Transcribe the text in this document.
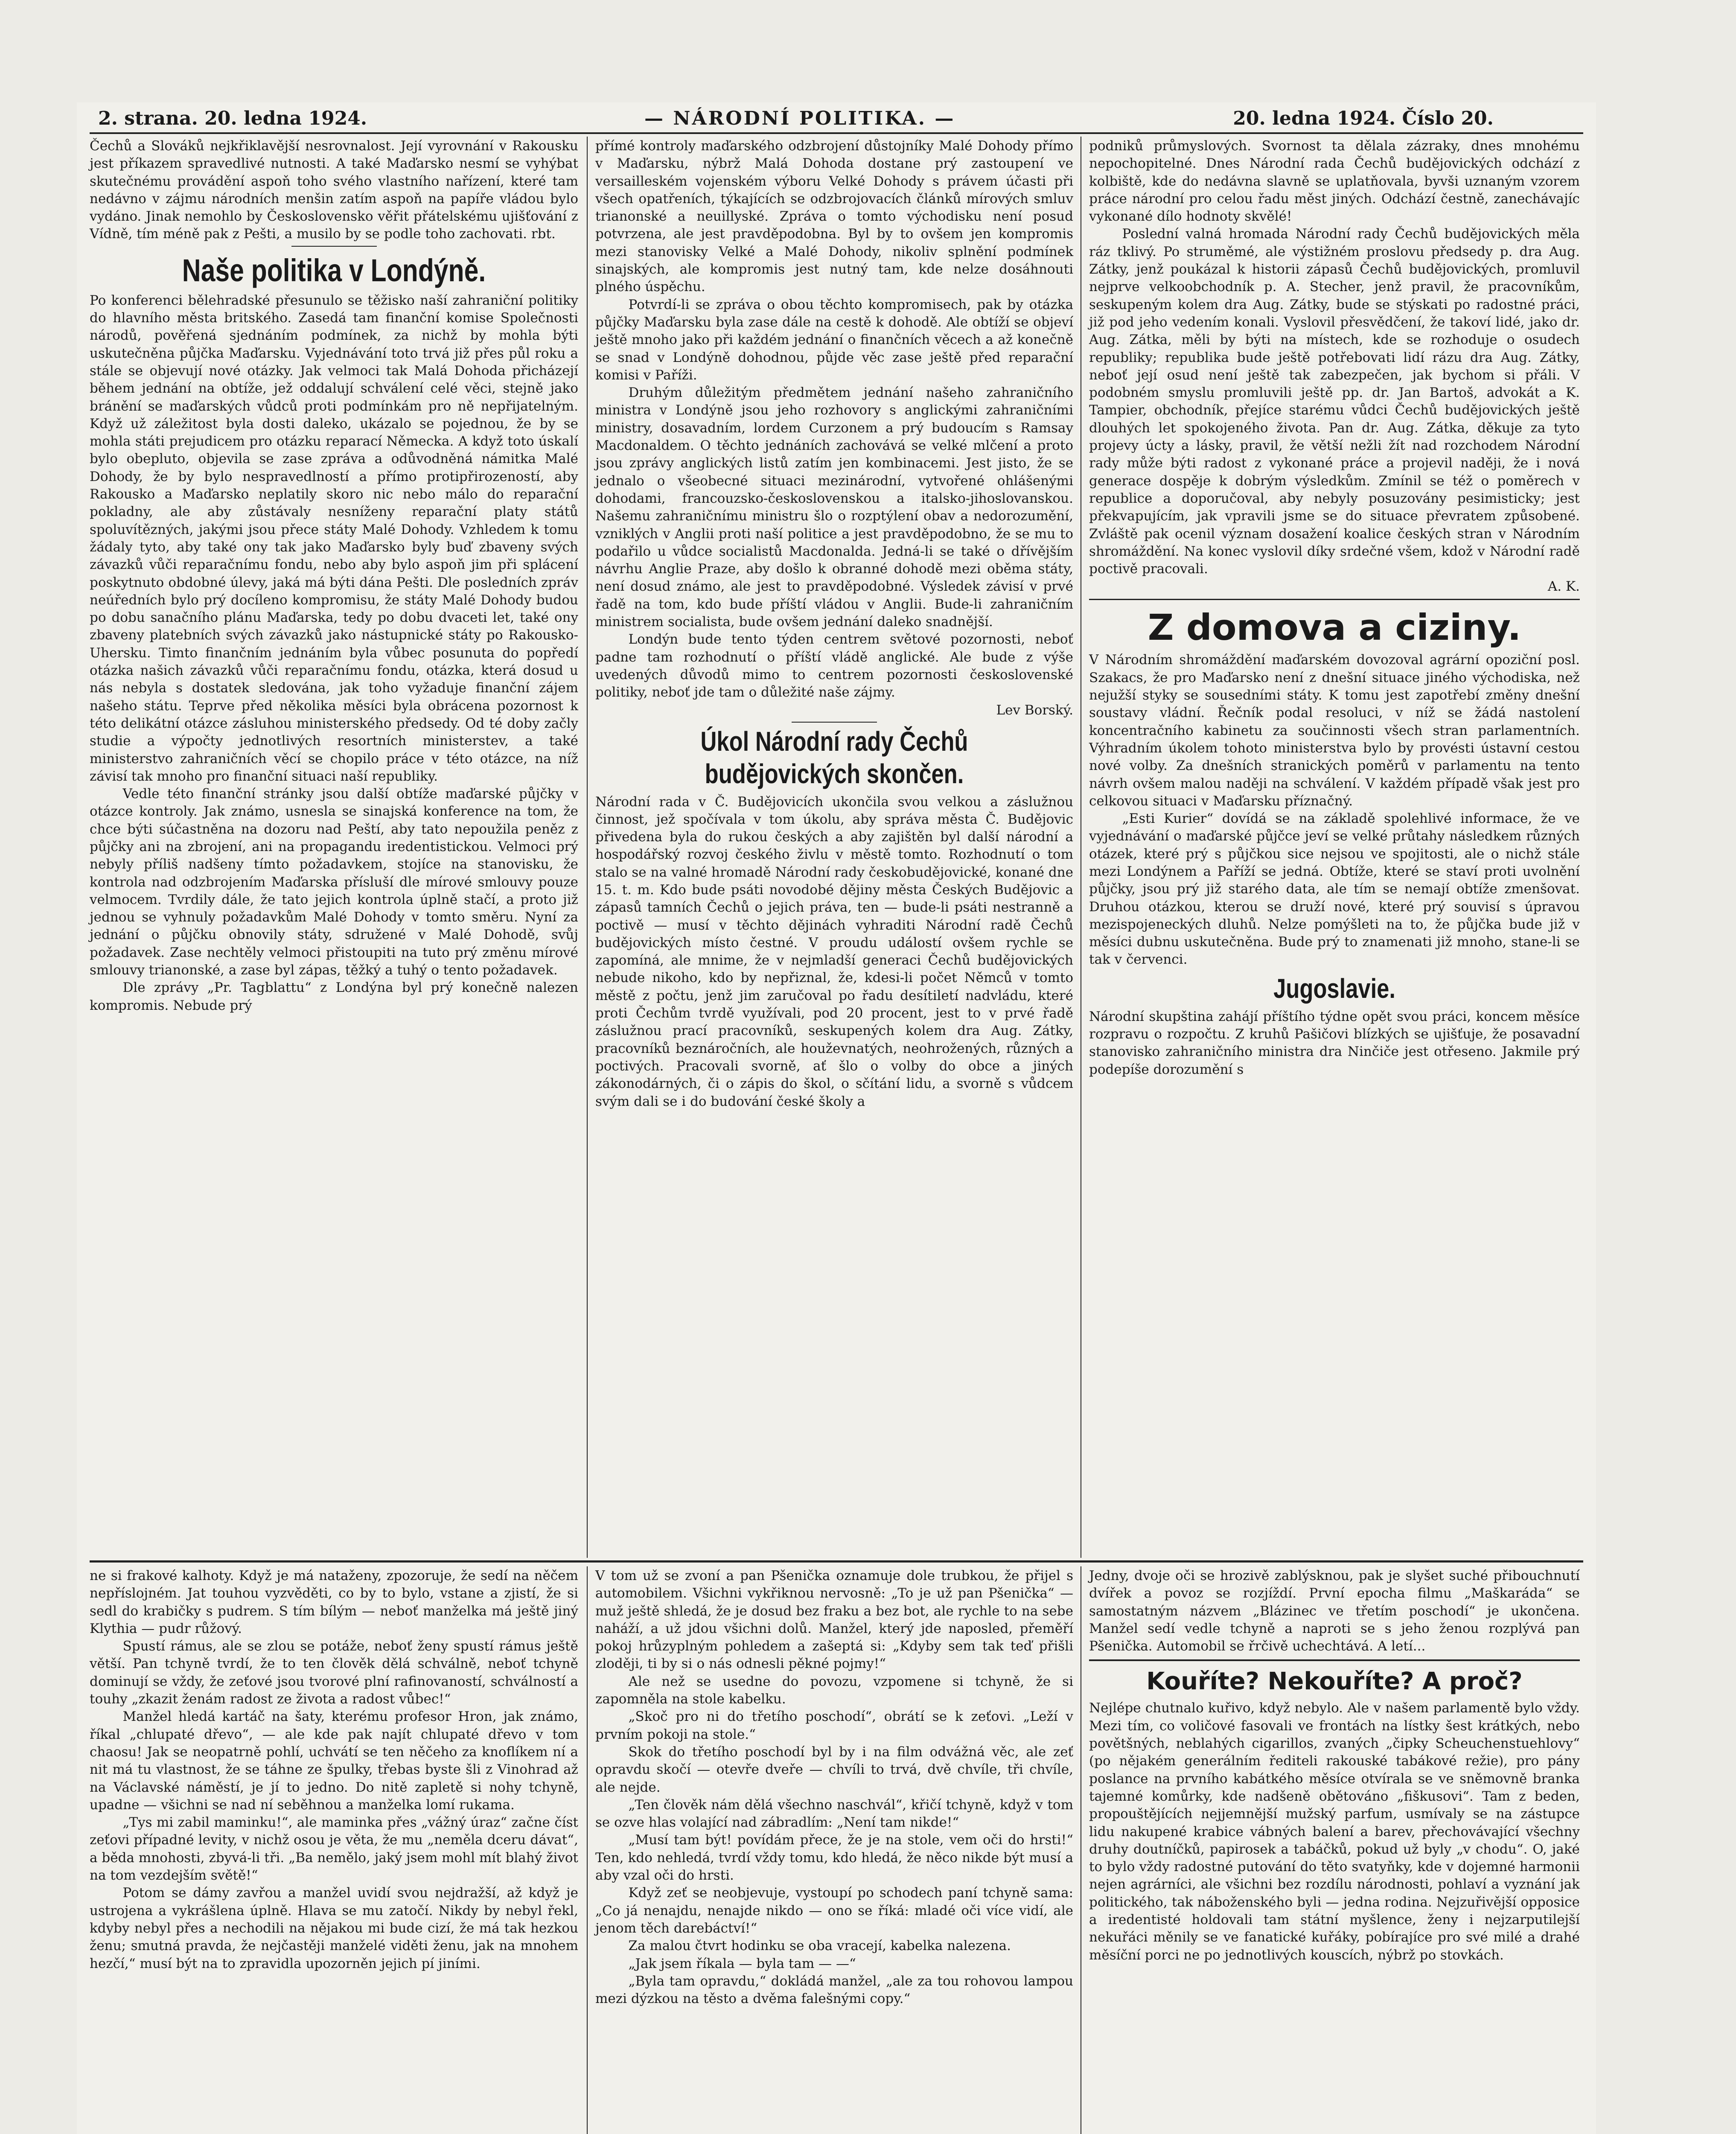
2. strana. 20. ledna 1924.	— NÁRODNÍ POLITIKA. —	20. ledna 1924. Číslo 20.

Čechů a Slováků nejkřiklavější nesrovnalost. Její vyrovnání v Rakousku jest příkazem spravedlivé nutnosti. A také Maďarsko nesmí se vyhýbat skutečnému provádění aspoň toho svého vlastního nařízení, které tam nedávno v zájmu národních menšin zatím aspoň na papíře vládou bylo vydáno. Jinak nemohlo by Československo věřit přátelskému ujišťování z Vídně, tím méně pak z Pešti, a musilo by se podle toho zachovati. rbt.

Naše politika v Londýně.

Po konferenci bělehradské přesunulo se těžisko naší zahraniční politiky do hlavního města britského. Zasedá tam finanční komise Společnosti národů, pověřená sjednáním podmínek, za nichž by mohla býti uskutečněna půjčka Maďarsku. Vyjednávání toto trvá již přes půl roku a stále se objevují nové otázky. Jak velmoci tak Malá Dohoda přicházejí během jednání na obtíže, jež oddalují schválení celé věci, stejně jako bránění se maďarských vůdců proti podmínkám pro ně nepřijatelným. Když už záležitost byla dosti daleko, ukázalo se pojednou, že by se mohla státi prejudicem pro otázku reparací Německa. A když toto úskalí bylo obepluto, objevila se zase zpráva a odůvodněná námitka Malé Dohody, že by bylo nespravedlností a přímo protipřirozeností, aby Rakousko a Maďarsko neplatily skoro nic nebo málo do reparační pokladny, ale aby zůstávaly nesníženy reparační platy států spoluvítězných, jakými jsou přece státy Malé Dohody. Vzhledem k tomu žádaly tyto, aby také ony tak jako Maďarsko byly buď zbaveny svých závazků vůči reparačnímu fondu, nebo aby bylo aspoň jim při splácení poskytnuto obdobné úlevy, jaká má býti dána Pešti. Dle posledních zpráv neúředních bylo prý docíleno kompromisu, že státy Malé Dohody budou po dobu sanačního plánu Maďarska, tedy po dobu dvaceti let, také ony zbaveny platebních svých závazků jako nástupnické státy po Rakousko-Uhersku. Timto finančním jednáním byla vůbec posunuta do popředí otázka našich závazků vůči reparačnímu fondu, otázka, která dosud u nás nebyla s dostatek sledována, jak toho vyžaduje finanční zájem našeho státu. Teprve před několika měsíci byla obrácena pozornost k této delikátní otázce zásluhou ministerského předsedy. Od té doby začly studie a výpočty jednotlivých resortních ministerstev, a také ministerstvo zahraničních věcí se chopilo práce v této otázce, na níž závisí tak mnoho pro finanční situaci naší republiky.

Vedle této finanční stránky jsou další obtíže maďarské půjčky v otázce kontroly. Jak známo, usnesla se sinajská konference na tom, že chce býti súčastněna na dozoru nad Peští, aby tato nepoužila peněz z půjčky ani na zbrojení, ani na propagandu iredentistickou. Velmoci prý nebyly příliš nadšeny tímto požadavkem, stojíce na stanovisku, že kontrola nad odzbrojením Maďarska přísluší dle mírové smlouvy pouze velmocem. Tvrdily dále, že tato jejich kontrola úplně stačí, a proto již jednou se vyhnuly požadavkům Malé Dohody v tomto směru. Nyní za jednání o půjčku obnovily státy, sdružené v Malé Dohodě, svůj požadavek. Zase nechtěly velmoci přistoupiti na tuto prý změnu mírové smlouvy trianonské, a zase byl zápas, těžký a tuhý o tento požadavek.

Dle zprávy „Pr. Tagblattu“ z Londýna byl prý konečně nalezen kompromis. Nebude prý

přímé kontroly maďarského odzbrojení důstojníky Malé Dohody přímo v Maďarsku, nýbrž Malá Dohoda dostane prý zastoupení ve versailleském vojenském výboru Velké Dohody s právem účasti při všech opatřeních, týkajících se odzbrojovacích článků mírových smluv trianonské a neuillyské. Zpráva o tomto východisku není posud potvrzena, ale jest pravděpodobna. Byl by to ovšem jen kompromis mezi stanovisky Velké a Malé Dohody, nikoliv splnění podmínek sinajských, ale kompromis jest nutný tam, kde nelze dosáhnouti plného úspěchu.

Potvrdí-li se zpráva o obou těchto kompromisech, pak by otázka půjčky Maďarsku byla zase dále na cestě k dohodě. Ale obtíží se objeví ještě mnoho jako při každém jednání o finančních věcech a až konečně se snad v Londýně dohodnou, půjde věc zase ještě před reparační komisi v Paříži.

Druhým důležitým předmětem jednání našeho zahraničního ministra v Londýně jsou jeho rozhovory s anglickými zahraničními ministry, dosavadním, lordem Curzonem a prý budoucím s Ramsay Macdonaldem. O těchto jednáních zachovává se velké mlčení a proto jsou zprávy anglických listů zatím jen kombinacemi. Jest jisto, že se jednalo o všeobecné situaci mezinárodní, vytvořené ohlášenými dohodami, francouzsko-československou a italsko-jihoslovanskou. Našemu zahraničnímu ministru šlo o rozptýlení obav a nedorozumění, vzniklých v Anglii proti naší politice a jest pravděpodobno, že se mu to podařilo u vůdce socialistů Macdonalda. Jedná-li se také o dřívějším návrhu Anglie Praze, aby došlo k obranné dohodě mezi oběma státy, není dosud známo, ale jest to pravděpodobné. Výsledek závisí v prvé řadě na tom, kdo bude příští vládou v Anglii. Bude-li zahraničním ministrem socialista, bude ovšem jednání daleko snadnější.

Londýn bude tento týden centrem světové pozornosti, neboť padne tam rozhodnutí o příští vládě anglické. Ale bude z výše uvedených důvodů mimo to centrem pozornosti československé politiky, neboť jde tam o důležité naše zájmy.

Lev Borský.
Úkol Národní rady Čechů budějovických skončen.

Národní rada v Č. Budějovicích ukončila svou velkou a záslužnou činnost, jež spočívala v tom úkolu, aby správa města Č. Budějovic přivedena byla do rukou českých a aby zajištěn byl další národní a hospodářský rozvoj českého živlu v městě tomto. Rozhodnutí o tom stalo se na valné hromadě Národní rady českobudějovické, konané dne 15. t. m. Kdo bude psáti novodobé dějiny města Českých Budějovic a zápasů tamních Čechů o jejich práva, ten — bude-li psáti nestranně a poctivě — musí v těchto dějinách vyhraditi Národní radě Čechů budějovických místo čestné. V proudu událostí ovšem rychle se zapomíná, ale mnime, že v nejmladší generaci Čechů budějovických nebude nikoho, kdo by nepřiznal, že, kdesi-li počet Němců v tomto městě z počtu, jenž jim zaručoval po řadu desítiletí nadvládu, které proti Čechům tvrdě využívali, pod 20 procent, jest to v prvé řadě záslužnou prací pracovníků, seskupených kolem dra Aug. Zátky, pracovníků beznáročních, ale houževnatých, neohrožených, různých a poctivých. Pracovali svorně, ať šlo o volby do obce a jiných zákonodárných, či o zápis do škol, o sčítání lidu, a svorně s vůdcem svým dali se i do budování české školy a

podniků průmyslových. Svornost ta dělala zázraky, dnes mnohému nepochopitelné. Dnes Národní rada Čechů budějovických odchází z kolbiště, kde do nedávna slavně se uplatňovala, byvši uznaným vzorem práce národní pro celou řadu měst jiných. Odchází čestně, zanechávajíc vykonané dílo hodnoty skvělé!

Poslední valná hromada Národní rady Čechů budějovických měla ráz tklivý. Po struměmé, ale výstižném proslovu předsedy p. dra Aug. Zátky, jenž poukázal k historii zápasů Čechů budějovických, promluvil nejprve velkoobchodník p. A. Stecher, jenž pravil, že pracovníkům, seskupeným kolem dra Aug. Zátky, bude se stýskati po radostné práci, již pod jeho vedením konali. Vyslovil přesvědčení, že takoví lidé, jako dr. Aug. Zátka, měli by býti na místech, kde se rozhoduje o osudech republiky; republika bude ještě potřebovati lidí rázu dra Aug. Zátky, neboť její osud není ještě tak zabezpečen, jak bychom si přáli. V podobném smyslu promluvili ještě pp. dr. Jan Bartoš, advokát a K. Tampier, obchodník, přejíce starému vůdci Čechů budějovických ještě dlouhých let spokojeného života. Pan dr. Aug. Zátka, děkuje za tyto projevy úcty a lásky, pravil, že větší nežli žít nad rozchodem Národní rady může býti radost z vykonané práce a projevil naději, že i nová generace dospěje k dobrým výsledkům. Zmínil se též o poměrech v republice a doporučoval, aby nebyly posuzovány pesimisticky; jest překvapujícím, jak vpravili jsme se do situace převratem způsobené. Zvláště pak ocenil význam dosažení koalice českých stran v Národním shromáždění. Na konec vyslovil díky srdečné všem, kdož v Národní radě poctivě pracovali.

A. K.
Z domova a ciziny.

V Národním shromáždění maďarském dovozoval agrární opoziční posl. Szakacs, že pro Maďarsko není z dnešní situace jiného východiska, než nejužší styky se sousedními státy. K tomu jest zapotřebí změny dnešní soustavy vládní. Řečník podal resoluci, v níž se žádá nastolení koncentračního kabinetu za součinnosti všech stran parlamentních. Výhradním úkolem tohoto ministerstva bylo by provésti ústavní cestou nové volby. Za dnešních stranických poměrů v parlamentu na tento návrh ovšem malou naději na schválení. V každém případě však jest pro celkovou situaci v Maďarsku příznačný.

„Esti Kurier“ dovídá se na základě spolehlivé informace, že ve vyjednávání o maďarské půjčce jeví se velké průtahy následkem různých otázek, které prý s půjčkou sice nejsou ve spojitosti, ale o nichž stále mezi Londýnem a Paříží se jedná. Obtíže, které se staví proti uvolnění půjčky, jsou prý již starého data, ale tím se nemají obtíže zmenšovat. Druhou otázkou, kterou se druží nové, které prý souvisí s úpravou mezispojeneckých dluhů. Nelze pomýšleti na to, že půjčka bude již v měsíci dubnu uskutečněna. Bude prý to znamenati již mnoho, stane-li se tak v červenci.

Jugoslavie.

Národní skupština zahájí příštího týdne opět svou práci, koncem měsíce rozpravu o rozpočtu. Z kruhů Pašičovi blízkých se ujišťuje, že posavadní stanovisko zahraničního ministra dra Ninčiče jest otřeseno. Jakmile prý podepíše dorozumění s

ne si frakové kalhoty. Když je má nataženy, zpozoruje, že sedí na něčem nepříslojném. Jat touhou vyzvěděti, co by to bylo, vstane a zjistí, že si sedl do krabičky s pudrem. S tím bílým — neboť manželka má ještě jiný Klythia — pudr růžový.

Spustí rámus, ale se zlou se potáže, neboť ženy spustí rámus ještě větší. Pan tchyně tvrdí, že to ten člověk dělá schválně, neboť tchyně dominují se vždy, že zeťové jsou tvorové plní rafinovaností, schválností a touhy „zkazit ženám radost ze života a radost vůbec!“

Manžel hledá kartáč na šaty, kterému profesor Hron, jak známo, říkal „chlupaté dřevo“, — ale kde pak najít chlupaté dřevo v tom chaosu! Jak se neopatrně pohlí, uchvátí se ten něčeho za knoflíkem ní a nit má tu vlastnost, že se táhne ze špulky, třebas byste šli z Vinohrad až na Václavské náměstí, je jí to jedno. Do nitě zapletě si nohy tchyně, upadne — všichni se nad ní seběhnou a manželka lomí rukama.

„Tys mi zabil maminku!“, ale maminka přes „vážný úraz“ začne číst zeťovi případné levity, v nichž osou je věta, že mu „neměla dceru dávat“, a běda mnohosti, zbyvá-li tři. „Ba nemělo, jaký jsem mohl mít blahý život na tom vezdejším světě!“

Potom se dámy zavřou a manžel uvidí svou nejdražší, až když je ustrojena a vykrášlena úplně. Hlava se mu zatočí. Nikdy by nebyl řekl, kdyby nebyl přes a nechodili na nějakou mi bude cizí, že má tak hezkou ženu; smutná pravda, že nejčastěji manželé viděti ženu, jak na mnohem hezčí,“ musí být na to zpravidla upozorněn jejich pí jiními.

V tom už se zvoní a pan Pšenička oznamuje dole trubkou, že přijel s automobilem. Všichni vykřiknou nervosně: „To je už pan Pšenička“ — muž ještě shledá, že je dosud bez fraku a bez bot, ale rychle to na sebe naháží, a už jdou všichni dolů. Manžel, který jde naposled, přeměří pokoj hrůzyplným pohledem a zašeptá si: „Kdyby sem tak teď přišli zloději, ti by si o nás odnesli pěkné pojmy!“

Ale než se usedne do povozu, vzpomene si tchyně, že si zapomněla na stole kabelku.

„Skoč pro ni do třetího poschodí“, obrátí se k zeťovi. „Leží v prvním pokoji na stole.“

Skok do třetího poschodí byl by i na film odvážná věc, ale zeť opravdu skočí — otevře dveře — chvíli to trvá, dvě chvíle, tři chvíle, ale nejde.

„Ten člověk nám dělá všechno naschvál“, křičí tchyně, když v tom se ozve hlas volající nad zábradlím: „Není tam nikde!“

„Musí tam být! povídám přece, že je na stole, vem oči do hrsti!“ Ten, kdo nehledá, tvrdí vždy tomu, kdo hledá, že něco nikde být musí a aby vzal oči do hrsti.

Když zeť se neobjevuje, vystoupí po schodech paní tchyně sama: „Co já nenajdu, nenajde nikdo — ono se říká: mladé oči více vidí, ale jenom těch darebáctví!“

Za malou čtvrt hodinku se oba vracejí, kabelka nalezena.

„Jak jsem říkala — byla tam — —“

„Byla tam opravdu,“ dokládá manžel, „ale za tou rohovou lampou mezi dýzkou na těsto a dvěma falešnými copy.“

Jedny, dvoje oči se hrozivě zablýsknou, pak je slyšet suché přibouchnutí dvířek a povoz se rozjíždí. První epocha filmu „Maškaráda“ se samostatným názvem „Blázinec ve třetím poschodí“ je ukončena. Manžel sedí vedle tchyně a naproti se s jeho ženou rozplývá pan Pšenička. Automobil se řrčivě uchechtává. A letí...

Kouříte? Nekouříte? A proč?

Nejlépe chutnalo kuřivo, když nebylo. Ale v našem parlamentě bylo vždy. Mezi tím, co voličové fasovali ve frontách na lístky šest krátkých, nebo povětšných, neblahých cigarillos, zvaných „čipky Scheuchenstuehlovy“ (po nějakém generálním řediteli rakouské tabákové režie), pro pány poslance na prvního kabátkého měsíce otvírala se ve sněmovně branka tajemné komůrky, kde nadšeně obětováno „fiškusovi“. Tam z beden, propouštějících nejjemnější mužský parfum, usmívaly se na zástupce lidu nakupené krabice vábných balení a barev, přechovávající všechny druhy doutníčků, papirosek a tabáčků, pokud už byly „v chodu“. O, jaké to bylo vždy radostné putování do těto svatyňky, kde v dojemné harmonii nejen agrárníci, ale všichni bez rozdílu národnosti, pohlaví a vyznání jak politického, tak náboženského byli — jedna rodina. Nejzuřivější opposice a iredentisté holdovali tam státní myšlence, ženy i nejzarputilejší nekuřáci měnily se ve fanatické kuřáky, pobírajíce pro své milé a drahé měsíční porci ne po jednotlivých kouscích, nýbrž po stovkách.
